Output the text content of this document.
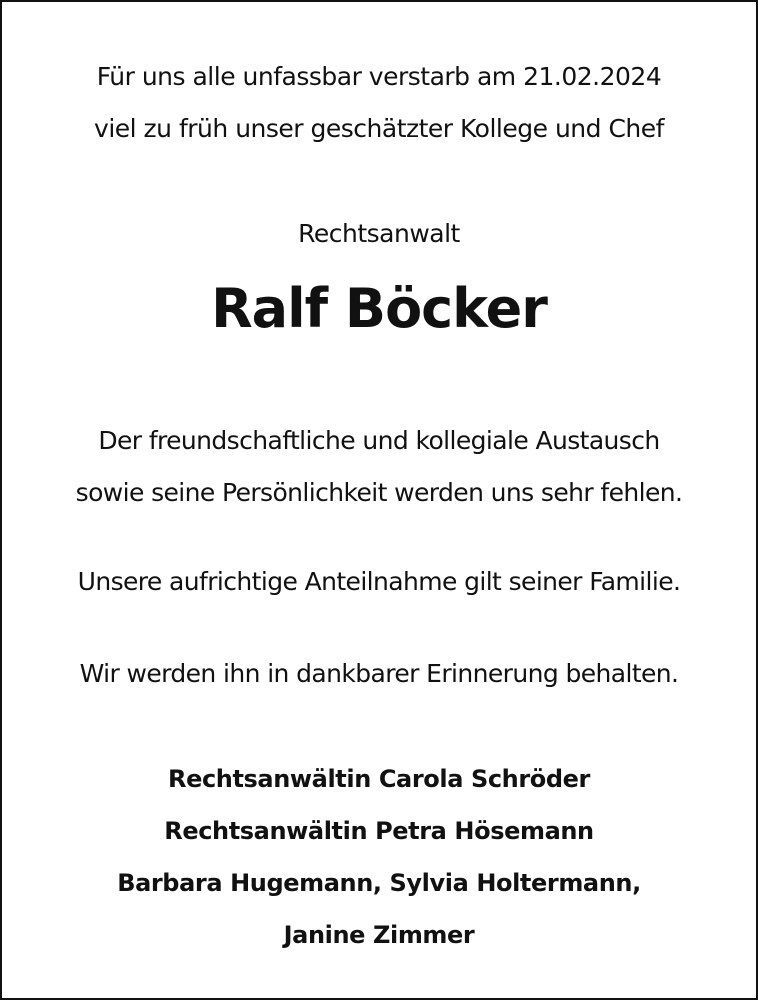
Für uns alle unfassbar verstarb am 21.02.2024
viel zu früh unser geschätzter Kollege und Chef
Rechtsanwalt
Ralf Böcker
Der freundschaftliche und kollegiale Austausch
sowie seine Persönlichkeit werden uns sehr fehlen.
Unsere aufrichtige Anteilnahme gilt seiner Familie.
Wir werden ihn in dankbarer Erinnerung behalten.
Rechtsanwältin Carola Schröder
Rechtsanwältin Petra Hösemann
Barbara Hugemann, Sylvia Holtermann,
Janine Zimmer
